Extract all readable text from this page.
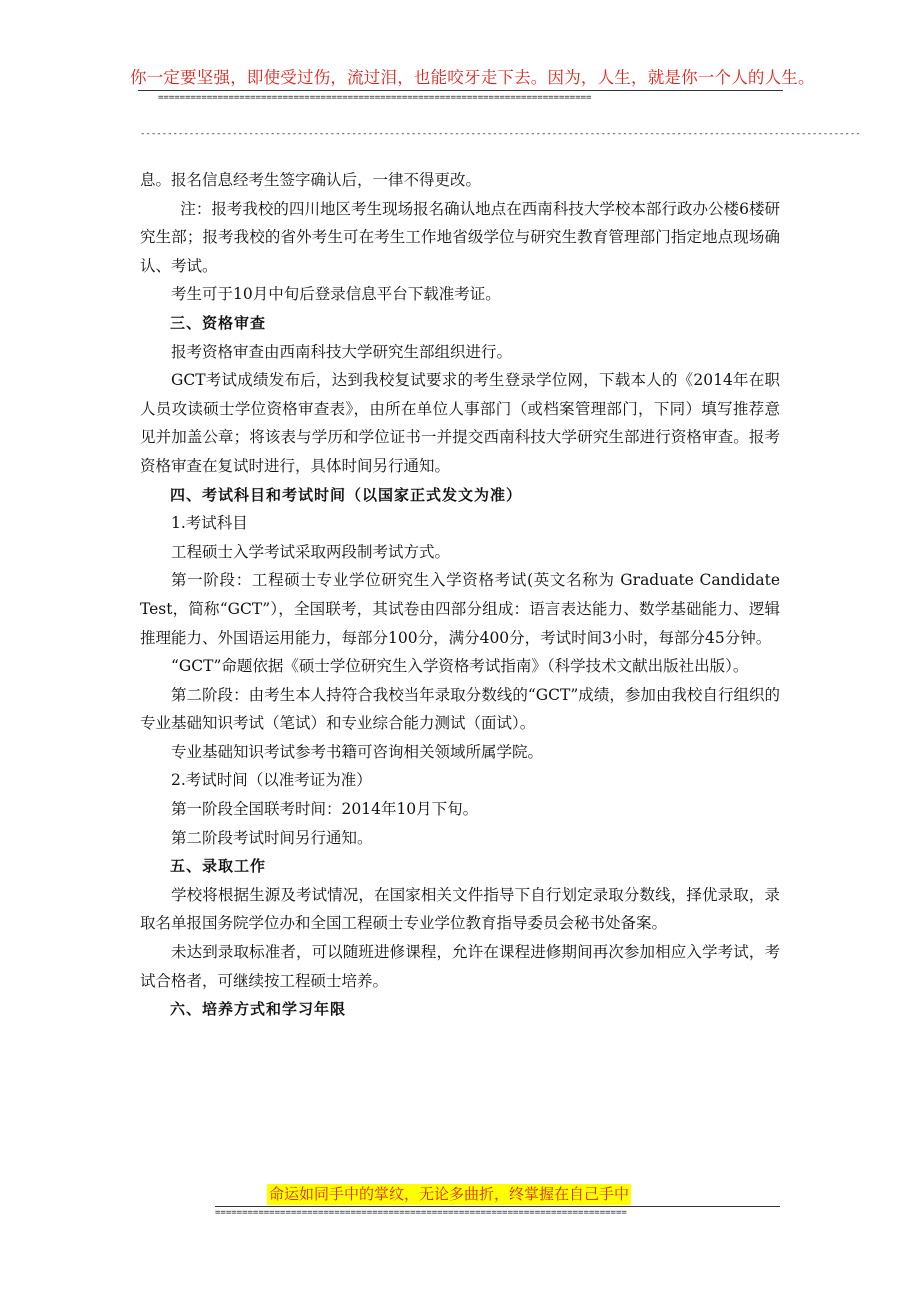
你一定要坚强，即使受过伤，流过泪，也能咬牙走下去。因为，人生，就是你一个人的人生。
================================================================================
-------------------------------------------------------------------------------------------------------------------------------------

息。报名信息经考生签字确认后，一律不得更改。

注：报考我校的四川地区考生现场报名确认地点在西南科技大学校本部行政办公楼6楼研究生部；报考我校的省外考生可在考生工作地省级学位与研究生教育管理部门指定地点现场确认、考试。

考生可于10月中旬后登录信息平台下载准考证。

三、资格审查

报考资格审查由西南科技大学研究生部组织进行。

GCT考试成绩发布后，达到我校复试要求的考生登录学位网，下载本人的《2014年在职人员攻读硕士学位资格审查表》，由所在单位人事部门（或档案管理部门，下同）填写推荐意见并加盖公章；将该表与学历和学位证书一并提交西南科技大学研究生部进行资格审查。报考资格审查在复试时进行，具体时间另行通知。

四、考试科目和考试时间（以国家正式发文为准）

1.考试科目

工程硕士入学考试采取两段制考试方式。

第一阶段：工程硕士专业学位研究生入学资格考试(英文名称为 Graduate Candidate Test，简称“GCT”），全国联考，其试卷由四部分组成：语言表达能力、数学基础能力、逻辑推理能力、外国语运用能力，每部分100分，满分400分，考试时间3小时，每部分45分钟。

“GCT”命题依据《硕士学位研究生入学资格考试指南》（科学技术文献出版社出版）。

第二阶段：由考生本人持符合我校当年录取分数线的“GCT”成绩，参加由我校自行组织的专业基础知识考试（笔试）和专业综合能力测试（面试）。

专业基础知识考试参考书籍可咨询相关领域所属学院。

2.考试时间（以准考证为准）

第一阶段全国联考时间：2014年10月下旬。

第二阶段考试时间另行通知。

五、录取工作

学校将根据生源及考试情况，在国家相关文件指导下自行划定录取分数线，择优录取，录取名单报国务院学位办和全国工程硕士专业学位教育指导委员会秘书处备案。

未达到录取标准者，可以随班进修课程，允许在课程进修期间再次参加相应入学考试，考试合格者，可继续按工程硕士培养。

六、培养方式和学习年限

命运如同手中的掌纹，无论多曲折，终掌握在自己手中
============================================================================
